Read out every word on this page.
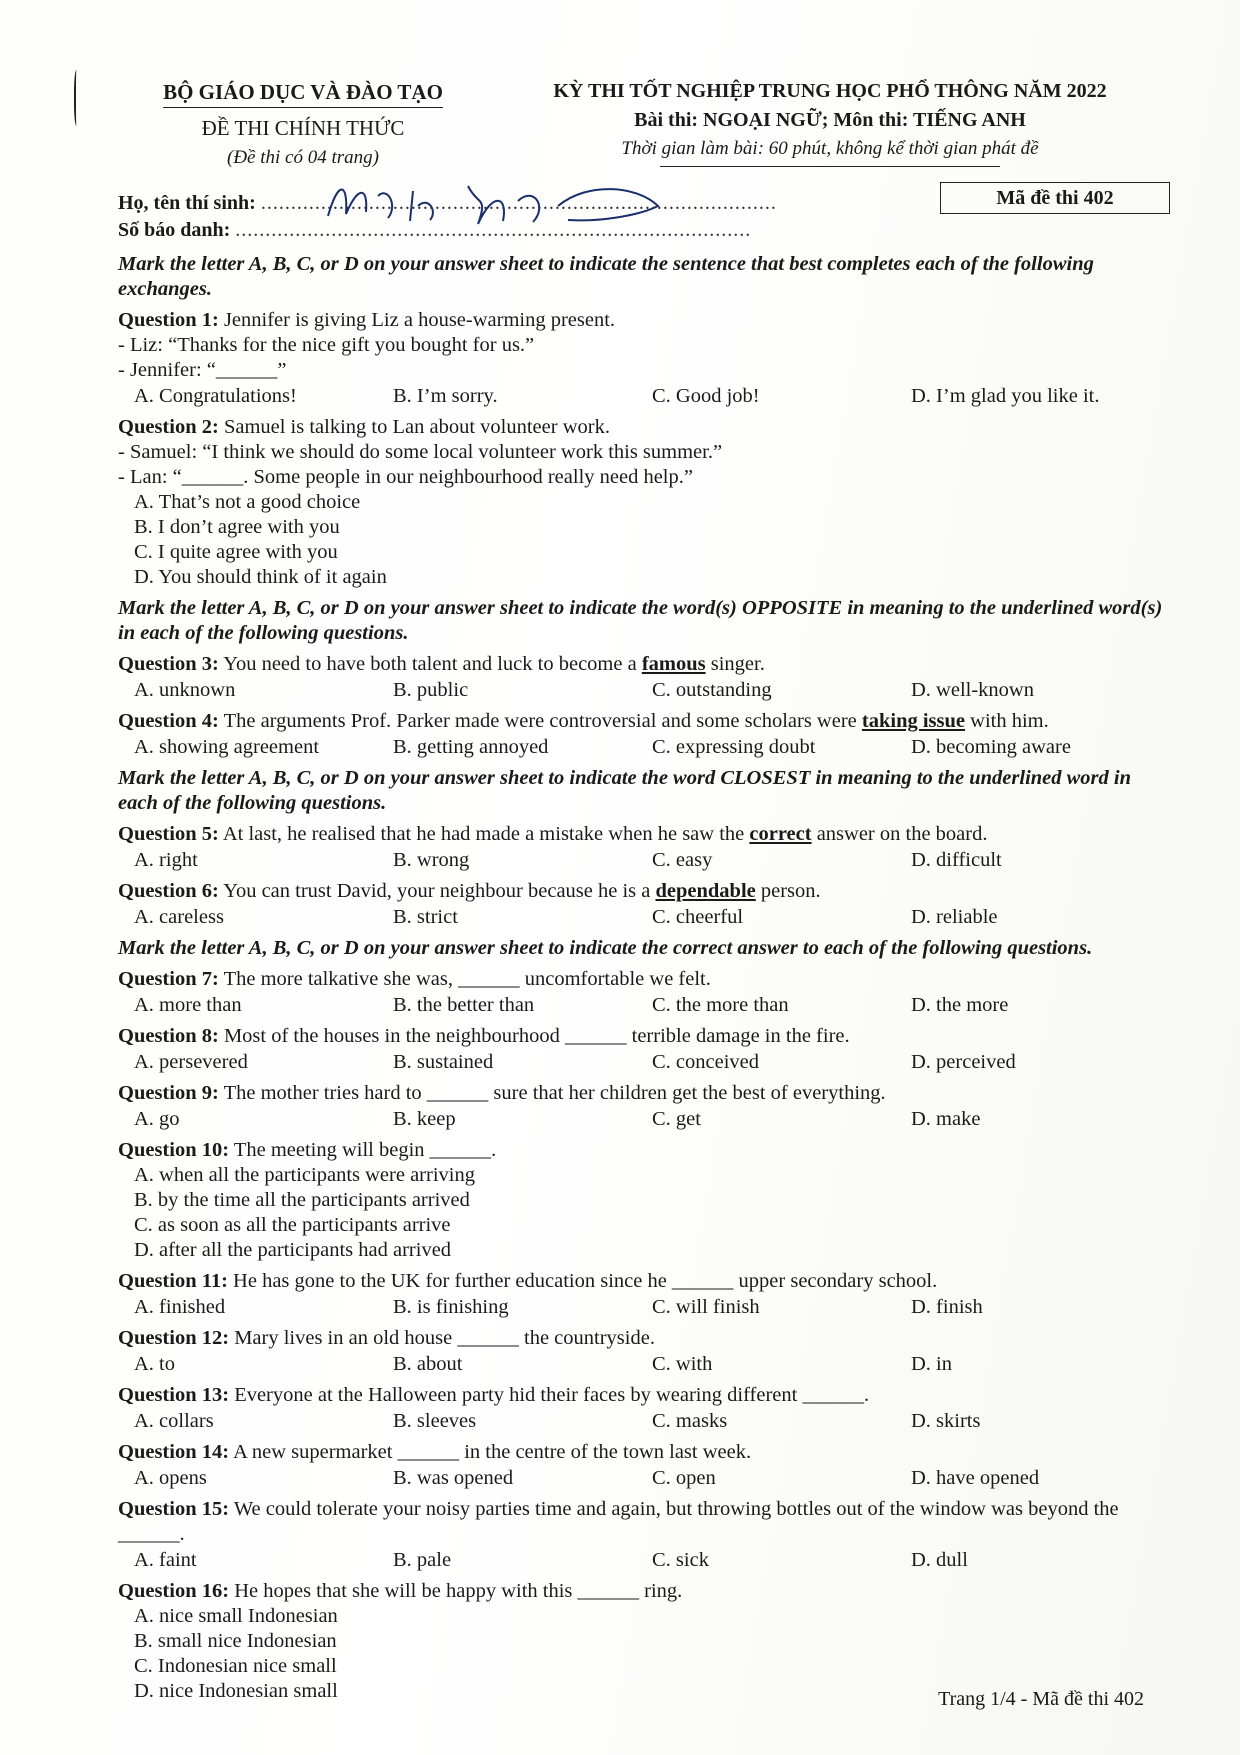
BỘ GIÁO DỤC VÀ ĐÀO TẠO
ĐỀ THI CHÍNH THỨC
(Đề thi có 04 trang)
KỲ THI TỐT NGHIỆP TRUNG HỌC PHỔ THÔNG NĂM 2022
Bài thi: NGOẠI NGỮ; Môn thi: TIẾNG ANH
Thời gian làm bài: 60 phút, không kể thời gian phát đề
Họ, tên thí sinh: ......................................................................................
Số báo danh: ......................................................................................
Mã đề thi 402
Mark the letter A, B, C, or D on your answer sheet to indicate the sentence that best completes each of the following exchanges.
Question 1: Jennifer is giving Liz a house-warming present.
- Liz: “Thanks for the nice gift you bought for us.”
- Jennifer: “______”
A. Congratulations!	B. I’m sorry.	C. Good job!	D. I’m glad you like it.
Question 2: Samuel is talking to Lan about volunteer work.
- Samuel: “I think we should do some local volunteer work this summer.”
- Lan: “______. Some people in our neighbourhood really need help.”
A. That’s not a good choice
B. I don’t agree with you
C. I quite agree with you
D. You should think of it again
Mark the letter A, B, C, or D on your answer sheet to indicate the word(s) OPPOSITE in meaning to the underlined word(s) in each of the following questions.
Question 3: You need to have both talent and luck to become a famous singer.
A. unknown	B. public	C. outstanding	D. well-known
Question 4: The arguments Prof. Parker made were controversial and some scholars were taking issue with him.
A. showing agreement	B. getting annoyed	C. expressing doubt	D. becoming aware
Mark the letter A, B, C, or D on your answer sheet to indicate the word CLOSEST in meaning to the underlined word in each of the following questions.
Question 5: At last, he realised that he had made a mistake when he saw the correct answer on the board.
A. right	B. wrong	C. easy	D. difficult
Question 6: You can trust David, your neighbour because he is a dependable person.
A. careless	B. strict	C. cheerful	D. reliable
Mark the letter A, B, C, or D on your answer sheet to indicate the correct answer to each of the following questions.
Question 7: The more talkative she was, ______ uncomfortable we felt.
A. more than	B. the better than	C. the more than	D. the more
Question 8: Most of the houses in the neighbourhood ______ terrible damage in the fire.
A. persevered	B. sustained	C. conceived	D. perceived
Question 9: The mother tries hard to ______ sure that her children get the best of everything.
A. go	B. keep	C. get	D. make
Question 10: The meeting will begin ______.
A. when all the participants were arriving
B. by the time all the participants arrived
C. as soon as all the participants arrive
D. after all the participants had arrived
Question 11: He has gone to the UK for further education since he ______ upper secondary school.
A. finished	B. is finishing	C. will finish	D. finish
Question 12: Mary lives in an old house ______ the countryside.
A. to	B. about	C. with	D. in
Question 13: Everyone at the Halloween party hid their faces by wearing different ______.
A. collars	B. sleeves	C. masks	D. skirts
Question 14: A new supermarket ______ in the centre of the town last week.
A. opens	B. was opened	C. open	D. have opened
Question 15: We could tolerate your noisy parties time and again, but throwing bottles out of the window was beyond the ______.
A. faint	B. pale	C. sick	D. dull
Question 16: He hopes that she will be happy with this ______ ring.
A. nice small Indonesian
B. small nice Indonesian
C. Indonesian nice small
D. nice Indonesian small	Trang 1/4 - Mã đề thi 402
